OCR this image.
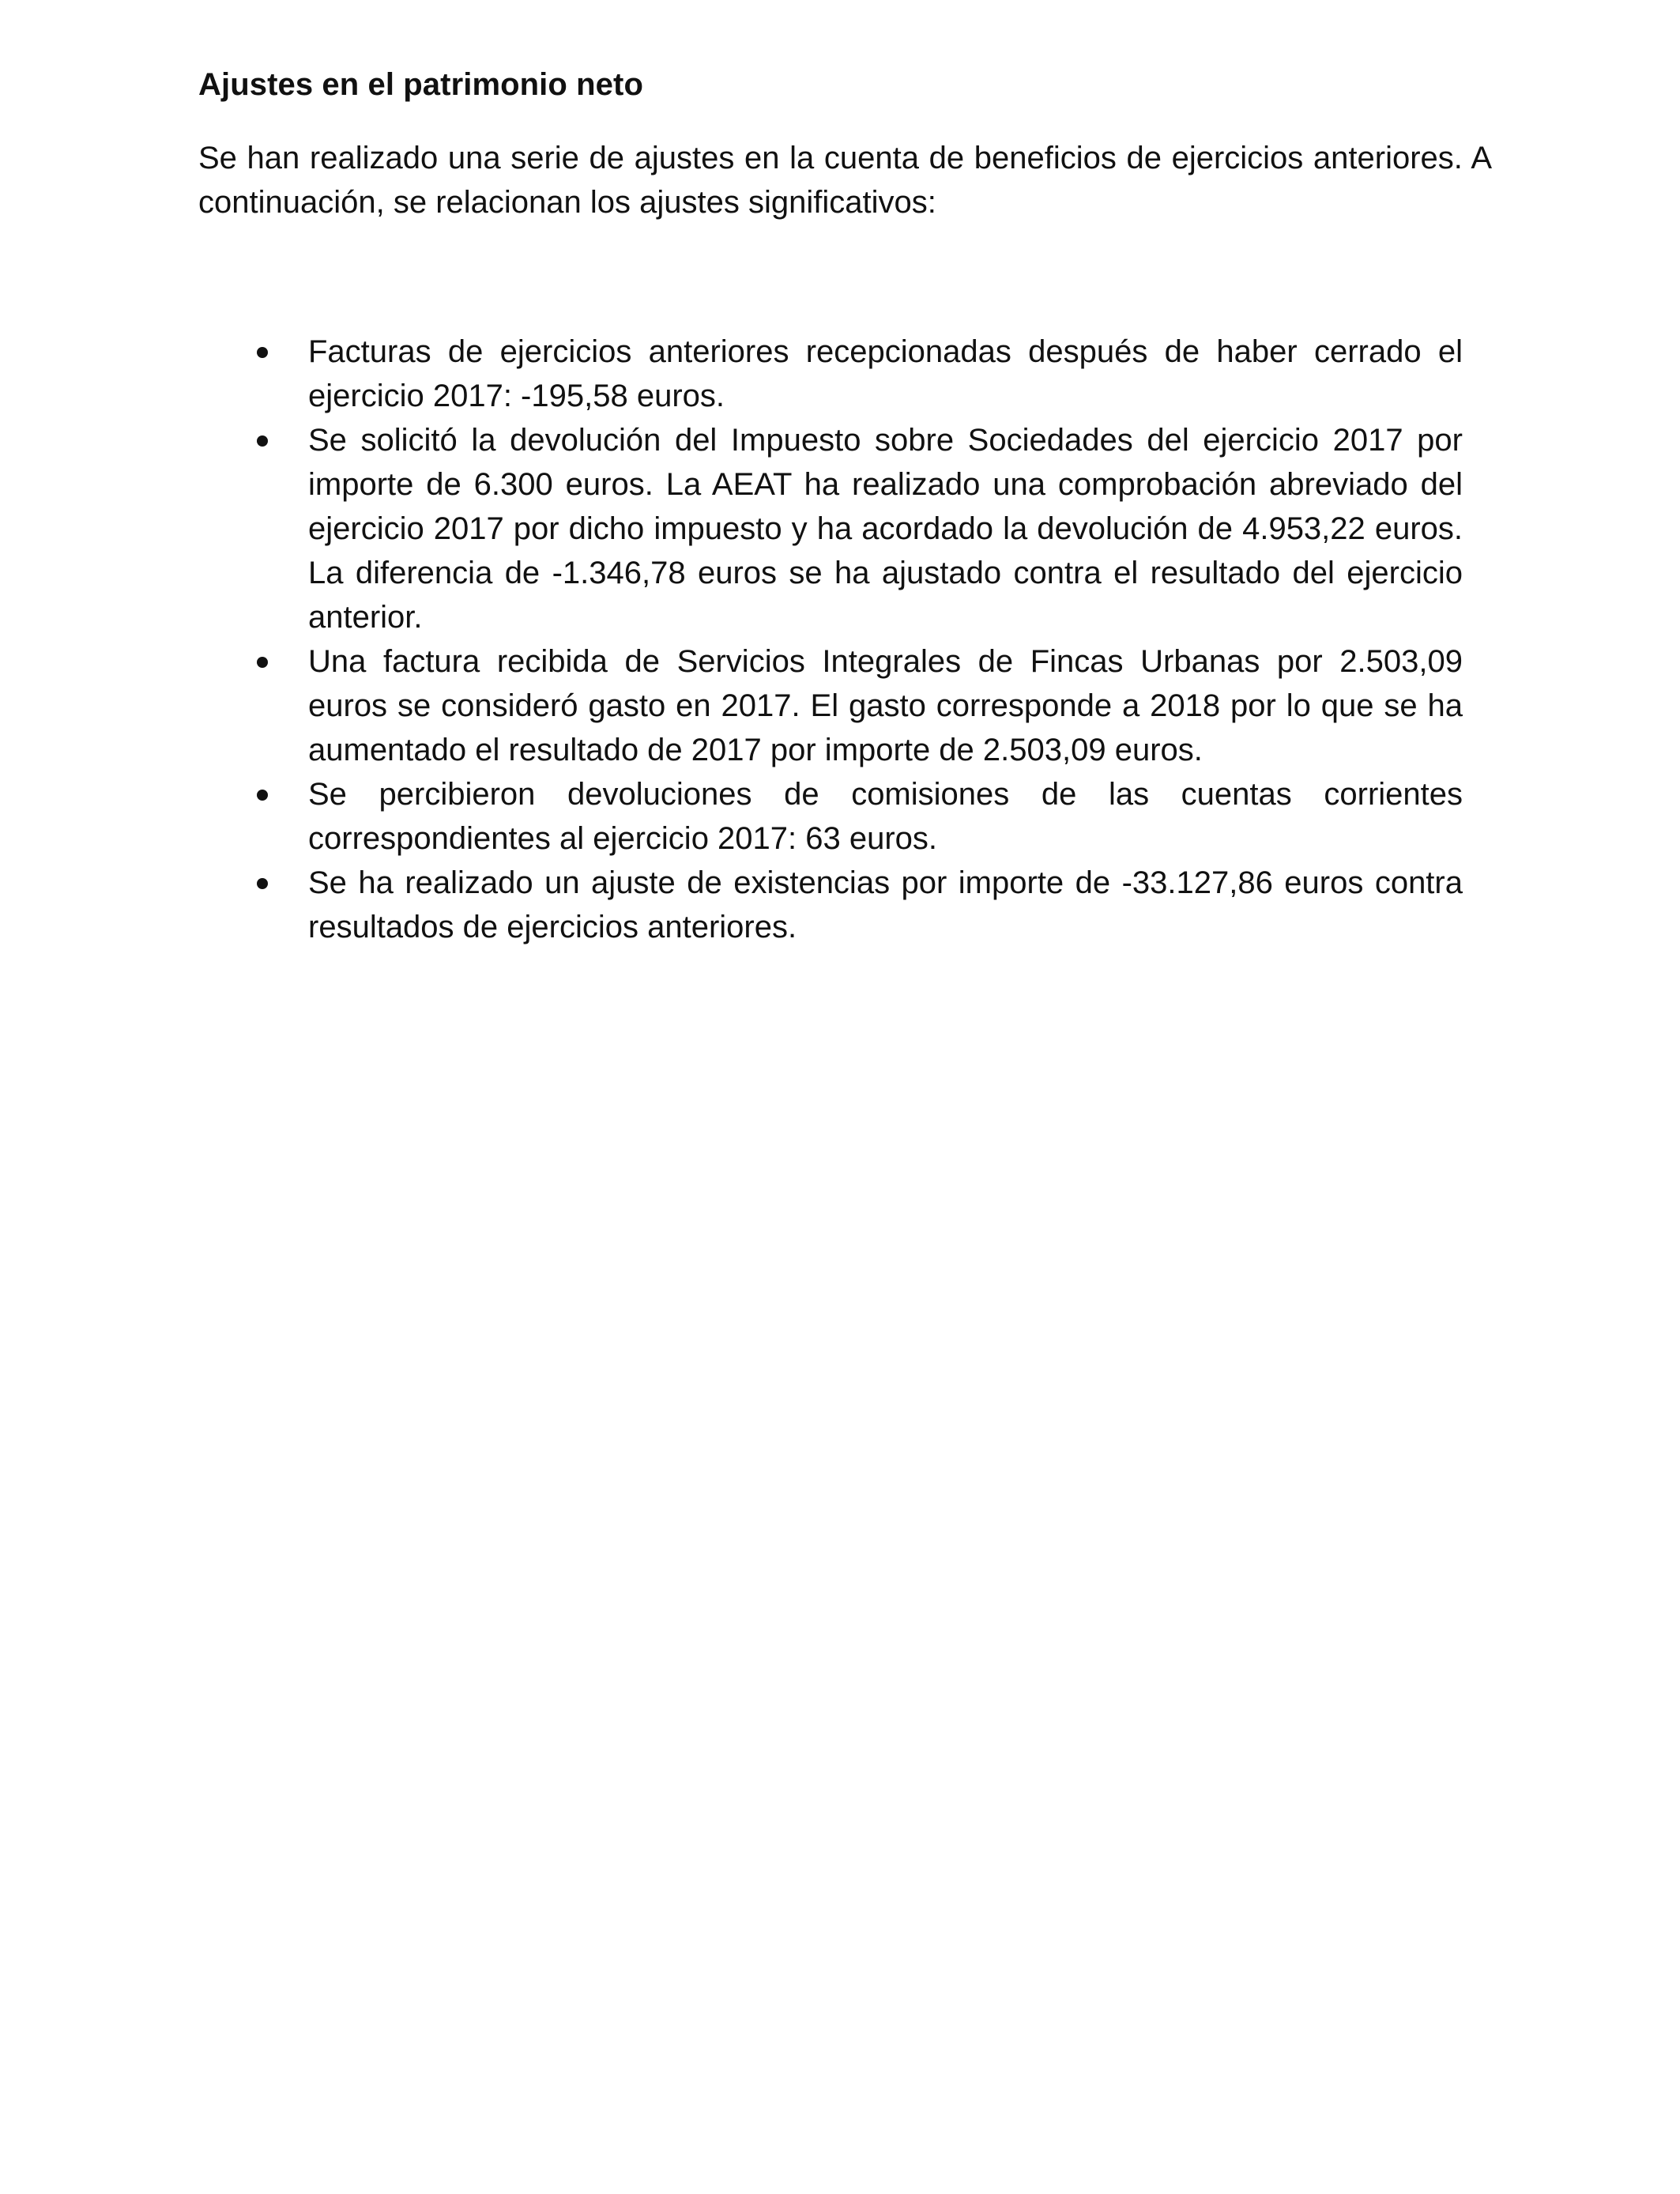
Ajustes en el patrimonio neto

Se han realizado una serie de ajustes en la cuenta de beneficios de ejercicios anteriores. A continuación, se relacionan los ajustes significativos:

Facturas de ejercicios anteriores recepcionadas después de haber cerrado el ejercicio 2017: -195,58 euros.
Se solicitó la devolución del Impuesto sobre Sociedades del ejercicio 2017 por importe de 6.300 euros. La AEAT ha realizado una comprobación abreviado del ejercicio 2017 por dicho impuesto y ha acordado la devolución de 4.953,22 euros. La diferencia de -1.346,78 euros se ha ajustado contra el resultado del ejercicio anterior.
Una factura recibida de Servicios Integrales de Fincas Urbanas por 2.503,09 euros se consideró gasto en 2017. El gasto corresponde a 2018 por lo que se ha aumentado el resultado de 2017 por importe de 2.503,09 euros.
Se percibieron devoluciones de comisiones de las cuentas corrientes correspondientes al ejercicio 2017: 63 euros.
Se ha realizado un ajuste de existencias por importe de -33.127,86 euros contra resultados de ejercicios anteriores.
